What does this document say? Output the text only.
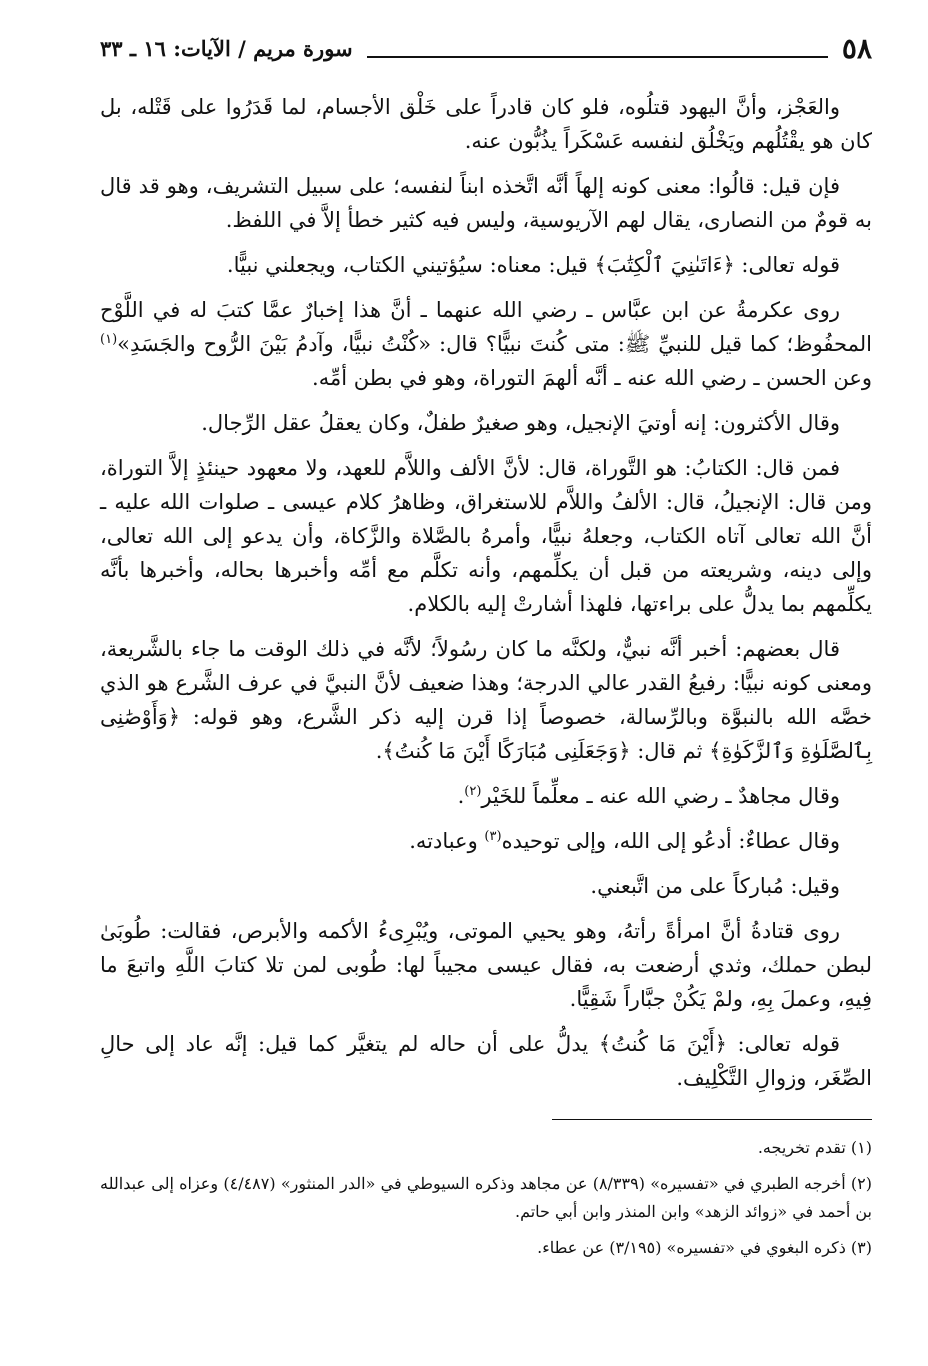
٥٨
سورة مريم / الآيات: ١٦ ـ ٣٣

والعَجْز، وأنَّ اليهود قتلُوه، فلو كان قادراً على خَلْق الأجسام، لما قَدَرُوا على قَتْله، بل كان هو يقْتُلُهم ويَخْلُق لنفسه عَسْكَراً يذُبُّون عنه.

فإن قيل: قالُوا: معنى كونه إلهاً أنَّه اتَّخذه ابناً لنفسه؛ على سبيل التشريف، وهو قد قال به قومٌ من النصارى، يقال لهم الآريوسية، وليس فيه كثير خطأ إلاَّ في اللفظ.

قوله تعالى: ﴿ءَاتَىٰنِيَ ٱلْكِتَٰبَ﴾ قيل: معناه: سيُؤتيني الكتاب، ويجعلني نبيًّا.

روى عكرمةُ عن ابن عبَّاس ـ رضي الله عنهما ـ أنَّ هذا إخبارٌ عمَّا كتبَ له في اللَّوْح المحفُوظ؛ كما قيل للنبيِّ ﷺ: متى كُنتَ نبيًّا؟ قال: «كُنْتُ نبيًّا، وآدمُ بَيْنَ الرُّوح والجَسَدِ»$^{(١)}$ وعن الحسن ـ رضي الله عنه ـ أنَّه ألهمَ التوراة، وهو في بطن أمِّه.

وقال الأكثرون: إنه أوتيَ الإنجيل، وهو صغيرٌ طفلٌ، وكان يعقلُ عقل الرِّجال.

فمن قال: الكتابُ: هو التَّوراة، قال: لأنَّ الألف واللاَّم للعهد، ولا معهود حينئذٍ إلاَّ التوراة، ومن قال: الإنجيلُ، قال: الألفُ واللاَّم للاستغراق، وظاهرُ كلام عيسى ـ صلوات الله عليه ـ أنَّ الله تعالى آتاه الكتاب، وجعلهُ نبيًّا، وأمرهُ بالصَّلاة والزَّكاة، وأن يدعو إلى الله تعالى، وإلى دينه، وشريعته من قبل أن يكلِّمهم، وأنه تكلَّم مع أمِّه وأخبرها بحاله، وأخبرها بأنَّه يكلِّمهم بما يدلُّ على براءتها، فلهذا أشارتْ إليه بالكلام.

قال بعضهم: أخبر أنَّه نبيٌّ، ولكنَّه ما كان رسُولاً؛ لأنَّه في ذلك الوقت ما جاء بالشَّريعة، ومعنى كونه نبيًّا: رفيعُ القدر عالي الدرجة؛ وهذا ضعيف لأنَّ النبيَّ في عرف الشَّرع هو الذي خصَّه الله بالنبوَّة وبالرِّسالة، خصوصاً إذا قرن إليه ذكر الشَّرع، وهو قوله: ﴿وَأَوْصَٰنِى بِٱلصَّلَوٰةِ وَٱلزَّكَوٰةِ﴾ ثم قال: ﴿وَجَعَلَنِى مُبَارَكًا أَيْنَ مَا كُنتُ﴾.

وقال مجاهدٌ ـ رضي الله عنه ـ معلِّماً للخَيْر$^{(٢)}$.

وقال عطاءٌ: أدعُو إلى الله، وإلى توحيده$^{(٣)}$ وعبادته.

وقيل: مُباركاً على من اتَّبعني.

روى قتادةُ أنَّ امرأةً رأتهُ، وهو يحيي الموتى، ويُبْرِىءُ الأكمه والأبرص، فقالت: طُوبَىٰ لبطن حملك، وثدي أرضعت به، فقال عيسى مجيباً لها: طُوبى لمن تلا كتابَ اللَّهِ واتبعَ ما فِيهِ، وعملَ بِهِ، ولمْ يَكُنْ جبَّاراً شَقِيًّا.

قوله تعالى: ﴿أَيْنَ مَا كُنتُ﴾ يدلُّ على أن حاله لم يتغيَّر كما قيل: إنَّه عاد إلى حالِ الصِّغَر، وزوالِ التَّكْلِيف.

(١) تقدم تخريجه.

(٢) أخرجه الطبري في «تفسيره» (٨/٣٣٩) عن مجاهد وذكره السيوطي في «الدر المنثور» (٤/٤٨٧) وعزاه إلى عبدالله بن أحمد في «زوائد الزهد» وابن المنذر وابن أبي حاتم.

(٣) ذكره البغوي في «تفسيره» (٣/١٩٥) عن عطاء.
